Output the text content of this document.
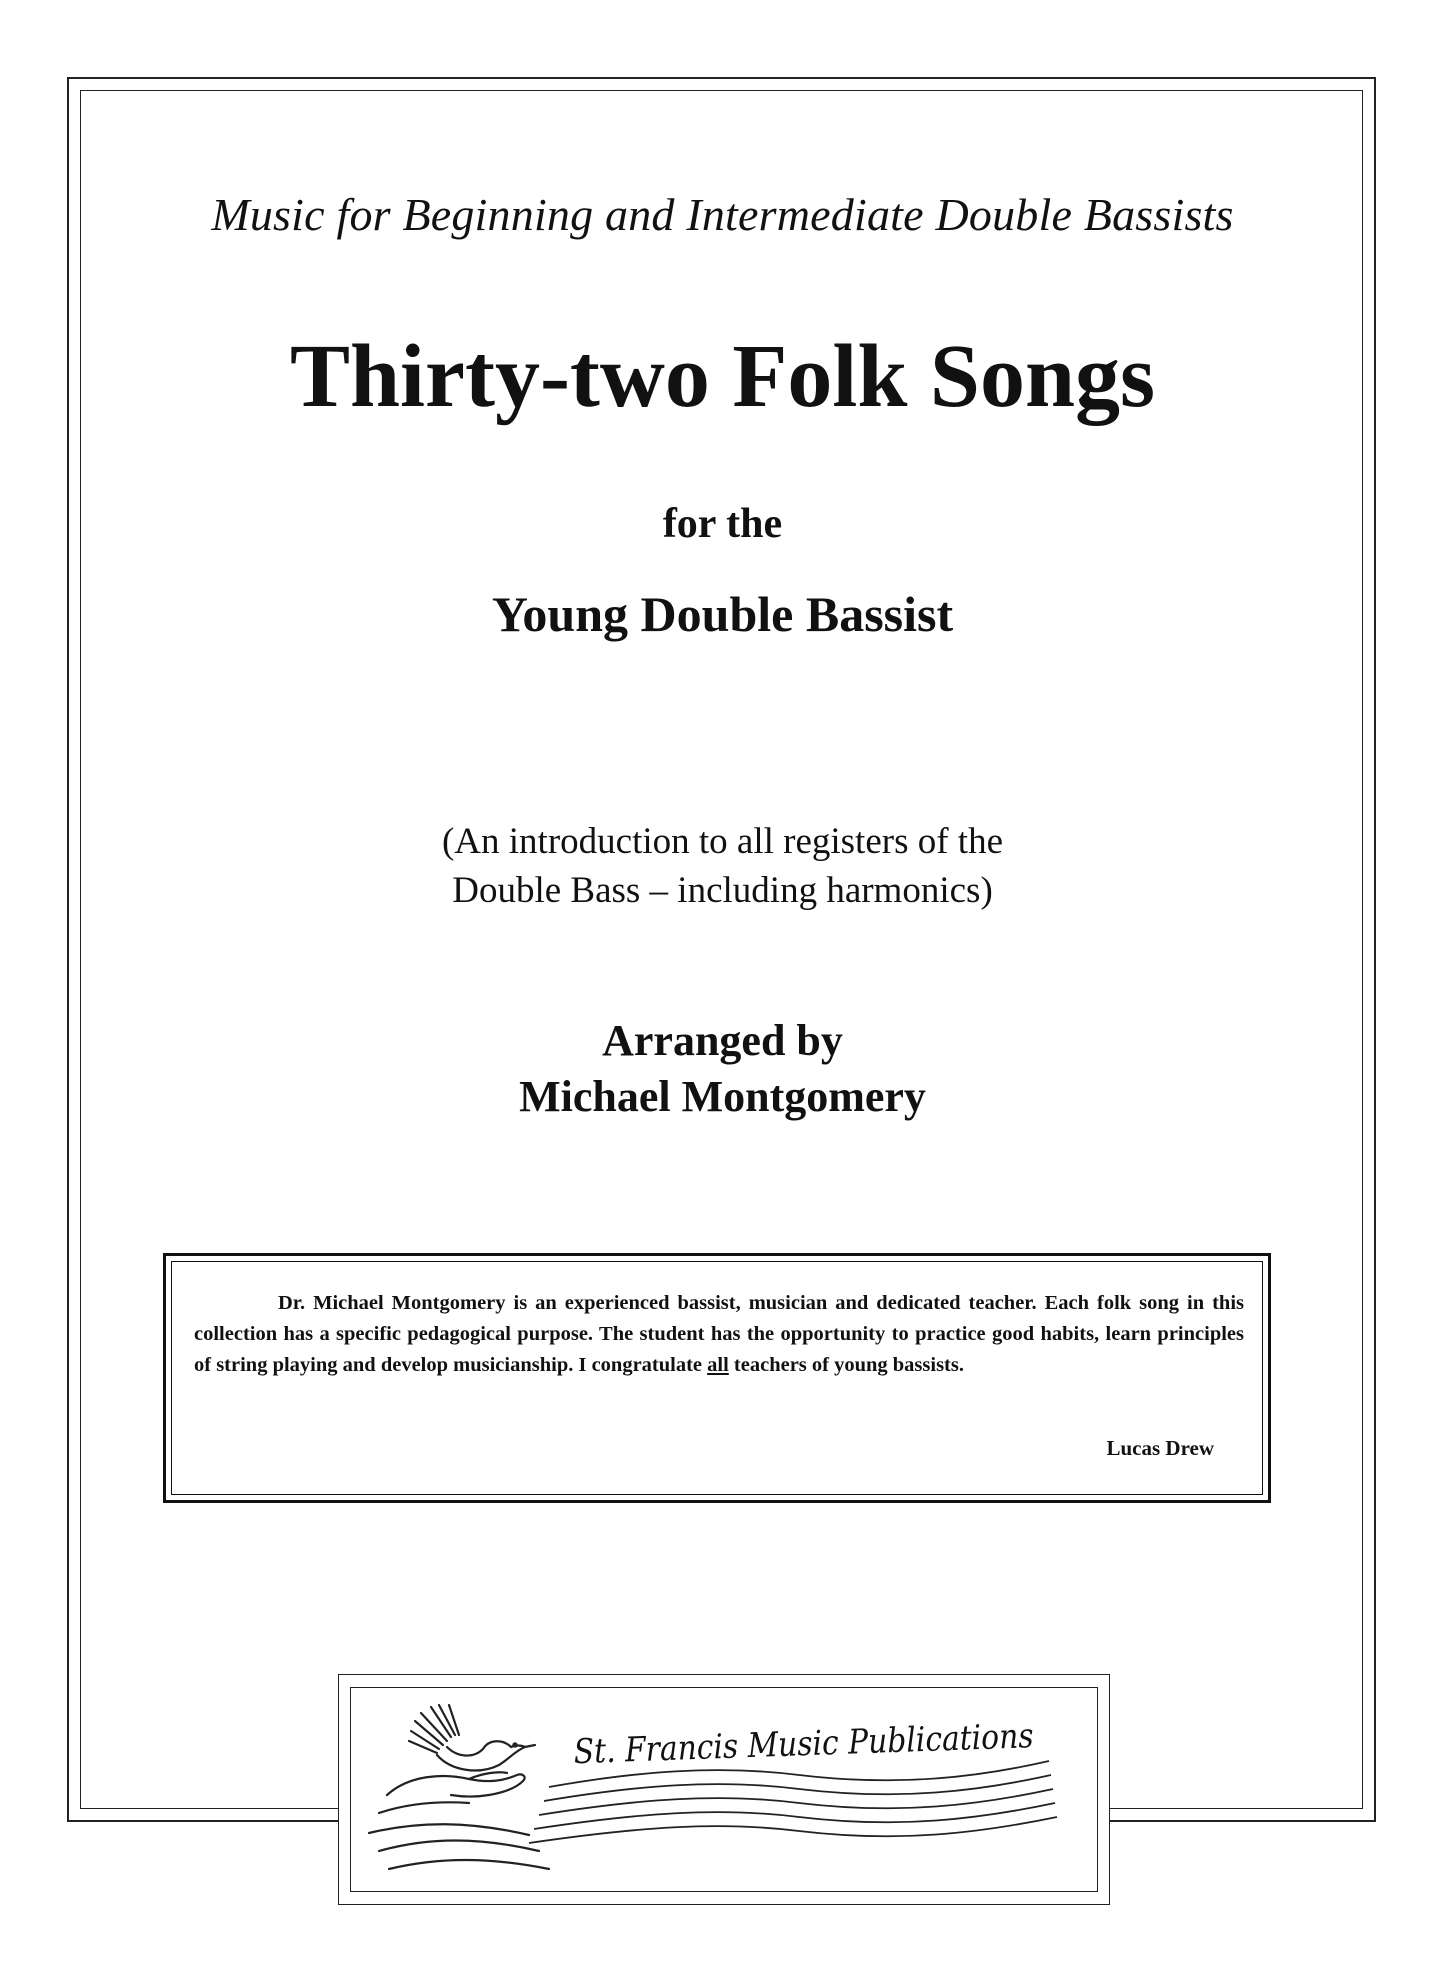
Music for Beginning and Intermediate Double Bassists
Thirty-two Folk Songs
for the
Young Double Bassist
(An introduction to all registers of the
Double Bass – including harmonics)
Arranged by
Michael Montgomery
Dr. Michael Montgomery is an experienced bassist, musician and dedicated teacher. Each folk song in this collection has a specific pedagogical purpose. The student has the opportunity to practice good habits, learn principles of string playing and develop musicianship. I congratulate all teachers of young bassists.
Lucas Drew
St. Francis Music Publications
